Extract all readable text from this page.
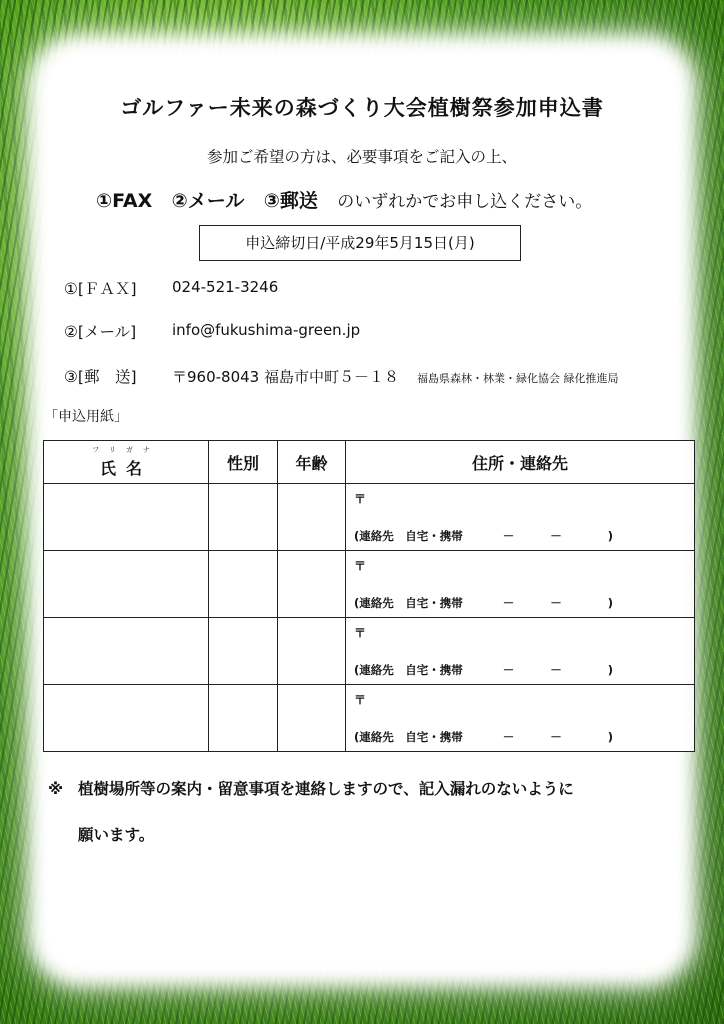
ゴルファー未来の森づくり大会植樹祭参加申込書
参加ご希望の方は、必要事項をご記入の上、
①FAX ②メール ③郵送 のいずれかでお申し込ください。
申込締切日/平成29年5月15日(月)
①[ＦＡＸ] 024-521-3246
②[メール] info@fukushima-green.jp
③[郵　送] 〒960-8043 福島市中町５－１８ 福島県森林・林業・緑化協会 緑化推進局
「申込用紙」
フリガナ
氏名	性別	年齢	住所・連絡先

			〒
(連絡先　自宅・携帯 － － )

			〒
(連絡先　自宅・携帯 － － )

			〒
(連絡先　自宅・携帯 － － )

			〒
(連絡先　自宅・携帯 － － )
※ 植樹場所等の案内・留意事項を連絡しますので、記入漏れのないように
願います。
